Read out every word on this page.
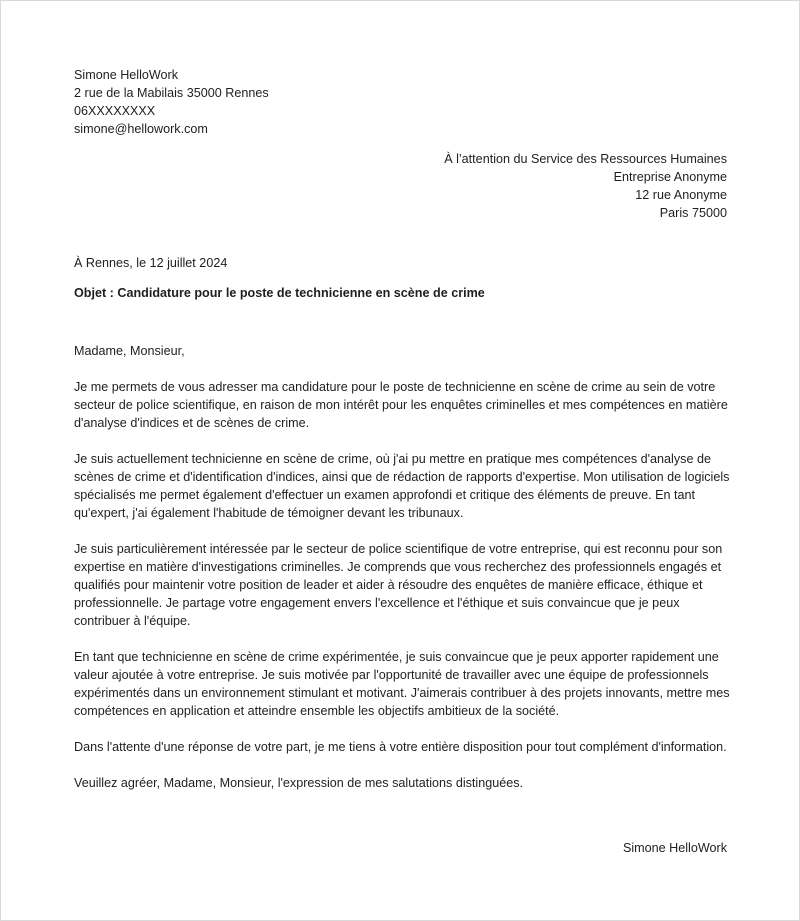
Simone HelloWork
2 rue de la Mabilais 35000 Rennes
06XXXXXXXX
simone@hellowork.com
À l’attention du Service des Ressources Humaines
Entreprise Anonyme
12 rue Anonyme
Paris 75000
À Rennes, le 12 juillet 2024
Objet : Candidature pour le poste de technicienne en scène de crime

Madame, Monsieur,

Je me permets de vous adresser ma candidature pour le poste de technicienne en scène de crime au sein de votre secteur de police scientifique, en raison de mon intérêt pour les enquêtes criminelles et mes compétences en matière d'analyse d'indices et de scènes de crime.

Je suis actuellement technicienne en scène de crime, où j'ai pu mettre en pratique mes compétences d'analyse de scènes de crime et d'identification d'indices, ainsi que de rédaction de rapports d'expertise. Mon utilisation de logiciels spécialisés me permet également d'effectuer un examen approfondi et critique des éléments de preuve. En tant qu'expert, j'ai également l'habitude de témoigner devant les tribunaux.

Je suis particulièrement intéressée par le secteur de police scientifique de votre entreprise, qui est reconnu pour son expertise en matière d'investigations criminelles. Je comprends que vous recherchez des professionnels engagés et qualifiés pour maintenir votre position de leader et aider à résoudre des enquêtes de manière efficace, éthique et professionnelle. Je partage votre engagement envers l'excellence et l'éthique et suis convaincue que je peux contribuer à l'équipe.

En tant que technicienne en scène de crime expérimentée, je suis convaincue que je peux apporter rapidement une valeur ajoutée à votre entreprise. Je suis motivée par l'opportunité de travailler avec une équipe de professionnels expérimentés dans un environnement stimulant et motivant. J'aimerais contribuer à des projets innovants, mettre mes compétences en application et atteindre ensemble les objectifs ambitieux de la société.

Dans l'attente d'une réponse de votre part, je me tiens à votre entière disposition pour tout complément d'information.

Veuillez agréer, Madame, Monsieur, l'expression de mes salutations distinguées.

Simone HelloWork
